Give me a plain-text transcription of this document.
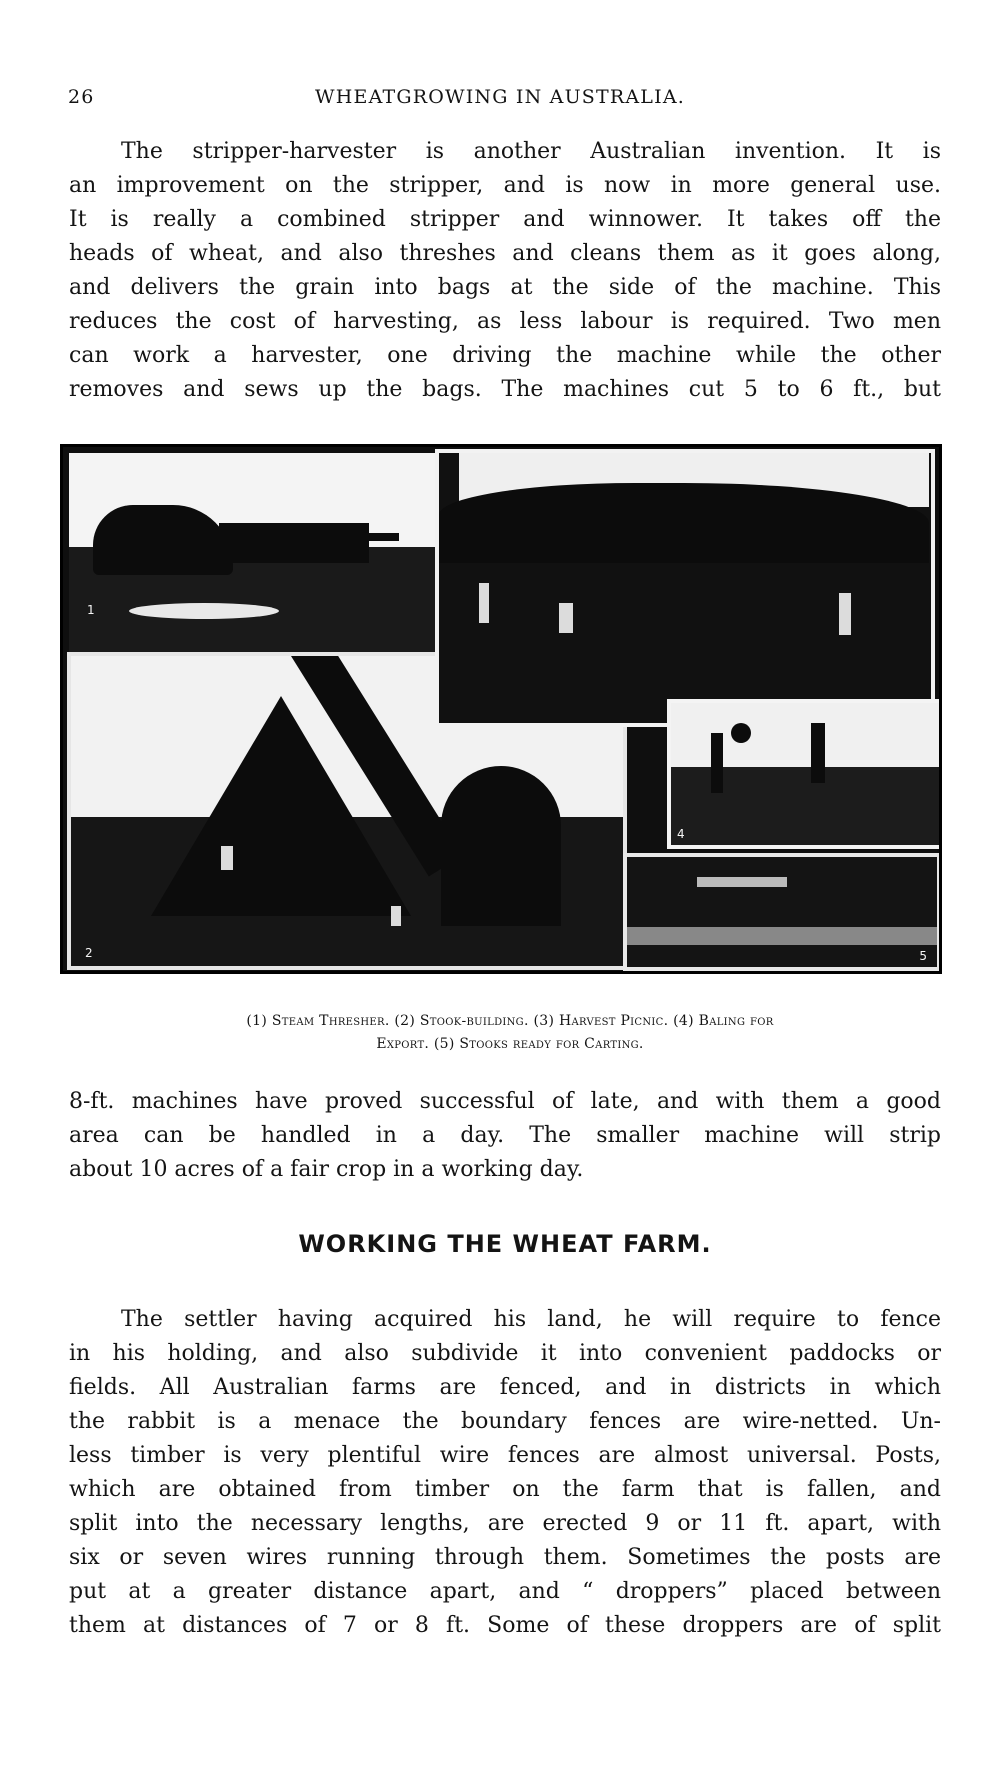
26	WHEATGROWING IN AUSTRALIA.

The stripper-harvester is another Australian invention. It is
an improvement on the stripper, and is now in more general use.
It is really a combined stripper and winnower. It takes off the
heads of wheat, and also threshes and cleans them as it goes along,
and delivers the grain into bags at the side of the machine. This
reduces the cost of harvesting, as less labour is required. Two men
can work a harvester, one driving the machine while the other
removes and sews up the bags. The machines cut 5 to 6 ft., but

1
2
4
5
(1) Steam Thresher. (2) Stook-building. (3) Harvest Picnic. (4) Baling for
Export. (5) Stooks ready for Carting.

8-ft. machines have proved successful of late, and with them a good
area can be handled in a day. The smaller machine will strip
about 10 acres of a fair crop in a working day.

WORKING THE WHEAT FARM.

The settler having acquired his land, he will require to fence
in his holding, and also subdivide it into convenient paddocks or
fields. All Australian farms are fenced, and in districts in which
the rabbit is a menace the boundary fences are wire-netted. Un-
less timber is very plentiful wire fences are almost universal. Posts,
which are obtained from timber on the farm that is fallen, and
split into the necessary lengths, are erected 9 or 11 ft. apart, with
six or seven wires running through them. Sometimes the posts are
put at a greater distance apart, and “ droppers” placed between
them at distances of 7 or 8 ft. Some of these droppers are of split
